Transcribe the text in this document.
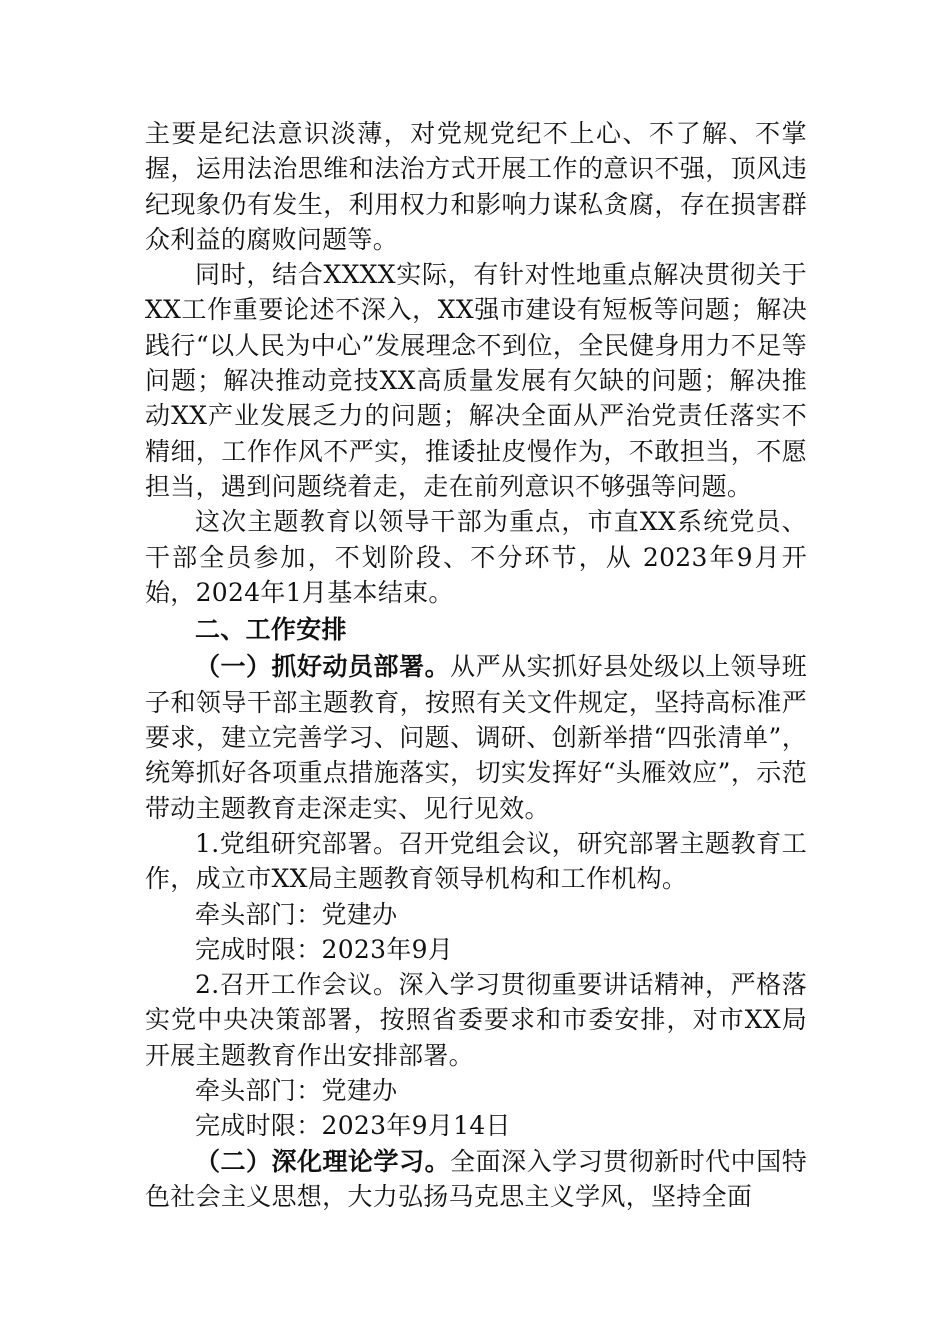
主要是纪法意识淡薄，对党规党纪不上心、不了解、不掌握，运用法治思维和法治方式开展工作的意识不强，顶风违纪现象仍有发生，利用权力和影响力谋私贪腐，存在损害群众利益的腐败问题等。

同时，结合XXXX实际，有针对性地重点解决贯彻关于XX工作重要论述不深入，XX强市建设有短板等问题；解决践行“以人民为中心”发展理念不到位，全民健身用力不足等问题；解决推动竞技XX高质量发展有欠缺的问题；解决推动XX产业发展乏力的问题；解决全面从严治党责任落实不精细，工作作风不严实，推诿扯皮慢作为，不敢担当，不愿担当，遇到问题绕着走，走在前列意识不够强等问题。

这次主题教育以领导干部为重点，市直XX系统党员、干部全员参加，不划阶段、不分环节，从 2023年9月开始，2024年1月基本结束。

二、工作安排

（一）抓好动员部署。从严从实抓好县处级以上领导班子和领导干部主题教育，按照有关文件规定，坚持高标准严要求，建立完善学习、问题、调研、创新举措“四张清单”，统筹抓好各项重点措施落实，切实发挥好“头雁效应”，示范带动主题教育走深走实、见行见效。

1.党组研究部署。召开党组会议，研究部署主题教育工作，成立市XX局主题教育领导机构和工作机构。

牵头部门：党建办

完成时限：2023年9月

2.召开工作会议。深入学习贯彻重要讲话精神，严格落实党中央决策部署，按照省委要求和市委安排，对市XX局开展主题教育作出安排部署。

牵头部门：党建办

完成时限：2023年9月14日

（二）深化理论学习。全面深入学习贯彻新时代中国特色社会主义思想，大力弘扬马克思主义学风，坚持全面
